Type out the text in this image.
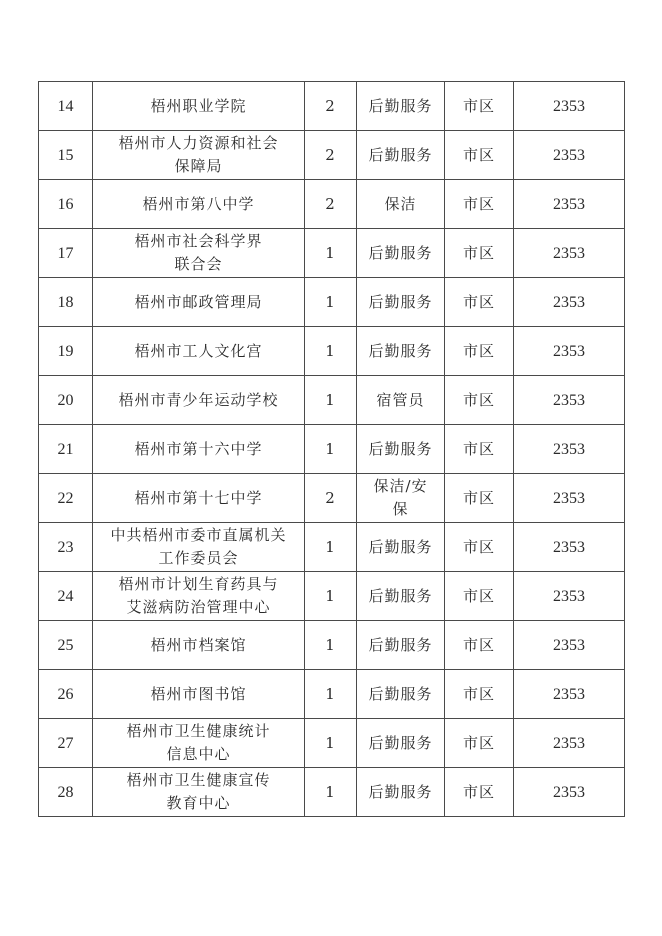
14	梧州职业学院	2	后勤服务	市区	2353
15	梧州市人力资源和社会
保障局	2	后勤服务	市区	2353
16	梧州市第八中学	2	保洁	市区	2353
17	梧州市社会科学界
联合会	1	后勤服务	市区	2353
18	梧州市邮政管理局	1	后勤服务	市区	2353
19	梧州市工人文化宫	1	后勤服务	市区	2353
20	梧州市青少年运动学校	1	宿管员	市区	2353
21	梧州市第十六中学	1	后勤服务	市区	2353
22	梧州市第十七中学	2	保洁/安
保	市区	2353
23	中共梧州市委市直属机关
工作委员会	1	后勤服务	市区	2353
24	梧州市计划生育药具与
艾滋病防治管理中心	1	后勤服务	市区	2353
25	梧州市档案馆	1	后勤服务	市区	2353
26	梧州市图书馆	1	后勤服务	市区	2353
27	梧州市卫生健康统计
信息中心	1	后勤服务	市区	2353
28	梧州市卫生健康宣传
教育中心	1	后勤服务	市区	2353
